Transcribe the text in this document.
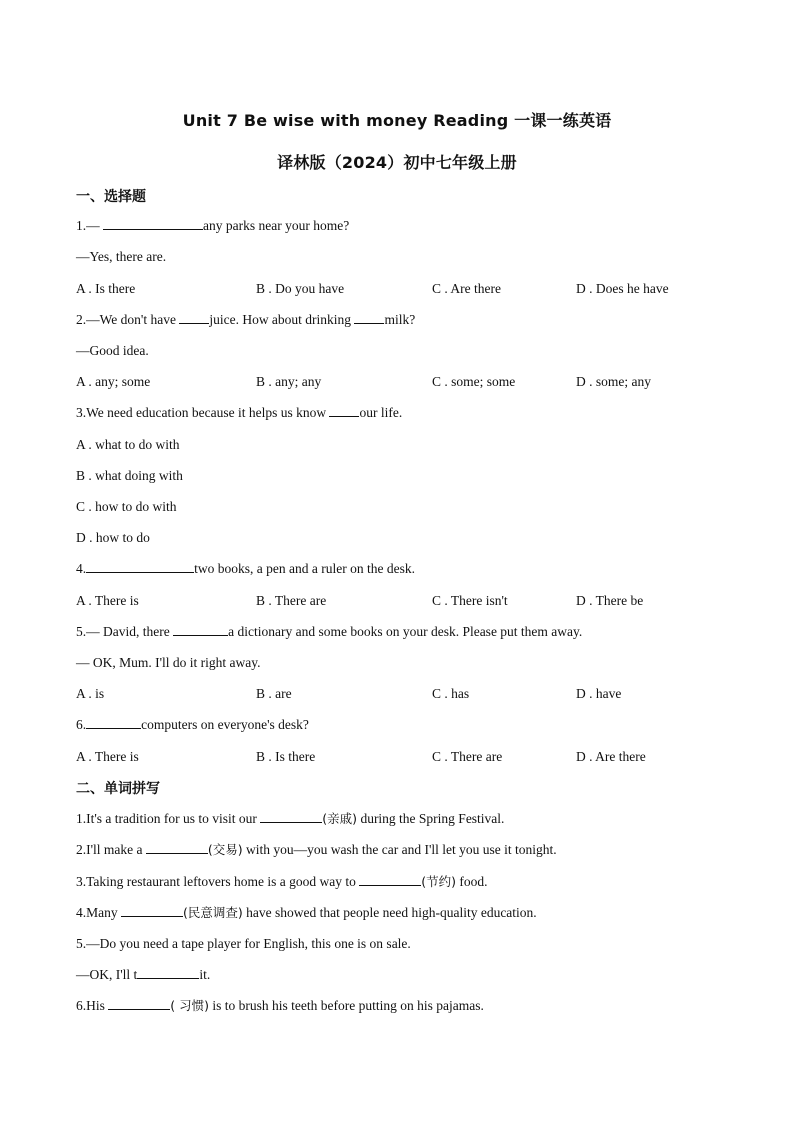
Unit 7 Be wise with money Reading 一课一练英语
译林版（2024）初中七年级上册
一、选择题
1.—	any parks near your home?
—Yes, there are.
A . Is there	B . Do you have	C . Are there	D . Does he have
2.—We don't have juice. How about drinking milk?
—Good idea.
A . any; some	B . any; any	C . some; some	D . some; any
3.We need education because it helps us know our life.
A . what to do with
B . what doing with
C . how to do with
D . how to do
4.	two books, a pen and a ruler on the desk.
A . There is	B . There are	C . There isn't	D . There be
5.— David, there	a dictionary and some books on your desk. Please put them away.
— OK, Mum. I'll do it right away.
A . is	B . are	C . has	D . have
6.	computers on everyone's desk?
A . There is	B . Is there	C . There are	D . Are there
二、单词拼写
1.It's a tradition for us to visit our	(亲戚) during the Spring Festival.
2.I'll make a	(交易) with you—you wash the car and I'll let you use it tonight.
3.Taking restaurant leftovers home is a good way to	(节约) food.
4.Many	(民意调查) have showed that people need high-quality education.
5.—Do you need a tape player for English, this one is on sale.
—OK, I'll t	it.
6.His	( 习惯) is to brush his teeth before putting on his pajamas.
